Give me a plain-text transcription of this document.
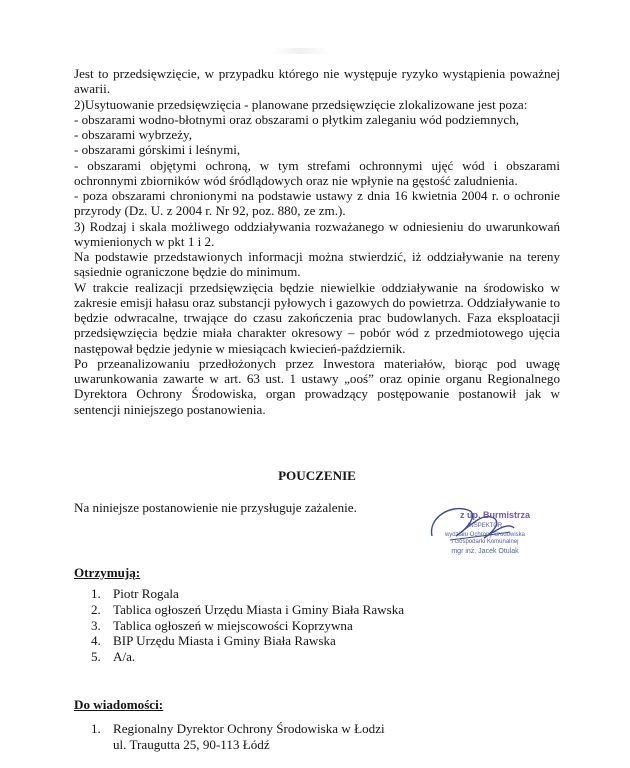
Jest to przedsięwzięcie, w przypadku którego nie występuje ryzyko wystąpienia poważnej awarii.

2)Usytuowanie przedsięwzięcia - planowane przedsięwzięcie zlokalizowane jest poza:

- obszarami wodno-błotnymi oraz obszarami o płytkim zaleganiu wód podziemnych,

- obszarami wybrzeży,

- obszarami górskimi i leśnymi,

- obszarami objętymi ochroną, w tym strefami ochronnymi ujęć wód i obszarami ochronnymi zbiorników wód śródlądowych oraz nie wpłynie na gęstość zaludnienia.

- poza obszarami chronionymi na podstawie ustawy z dnia 16 kwietnia 2004 r. o ochronie przyrody (Dz. U. z 2004 r. Nr 92, poz. 880, ze zm.).

3) Rodzaj i skala możliwego oddziaływania rozważanego w odniesieniu do uwarunkowań wymienionych w pkt 1 i 2.

Na podstawie przedstawionych informacji można stwierdzić, iż oddziaływanie na tereny sąsiednie ograniczone będzie do minimum.

W trakcie realizacji przedsięwzięcia będzie niewielkie oddziaływanie na środowisko w zakresie emisji hałasu oraz substancji pyłowych i gazowych do powietrza. Oddziaływanie to będzie odwracalne, trwające do czasu zakończenia prac budowlanych. Faza eksploatacji przedsięwzięcia będzie miała charakter okresowy – pobór wód z przedmiotowego ujęcia następował będzie jedynie w miesiącach kwiecień-październik.

Po przeanalizowaniu przedłożonych przez Inwestora materiałów, biorąc pod uwagę uwarunkowania zawarte w art. 63 ust. 1 ustawy „ooś” oraz opinie organu Regionalnego Dyrektora Ochrony Środowiska, organ prowadzący postępowanie postanowił jak w sentencji niniejszego postanowienia.

POUCZENIE
Na niniejsze postanowienie nie przysługuje zażalenie.	z up. Burmistrza
INSPEKTOR
wydziału Ochrony Środowiska
i Gospodarki Komunalnej
mgr inż. Jacek Otulak
Otrzymują:
1. Piotr Rogala
2. Tablica ogłoszeń Urzędu Miasta i Gminy Biała Rawska
3. Tablica ogłoszeń w miejscowości Koprzywna
4. BIP Urzędu Miasta i Gminy Biała Rawska
5. A/a.
Do wiadomości:
1. Regionalny Dyrektor Ochrony Środowiska w Łodzi
ul. Traugutta 25, 90-113 Łódź
